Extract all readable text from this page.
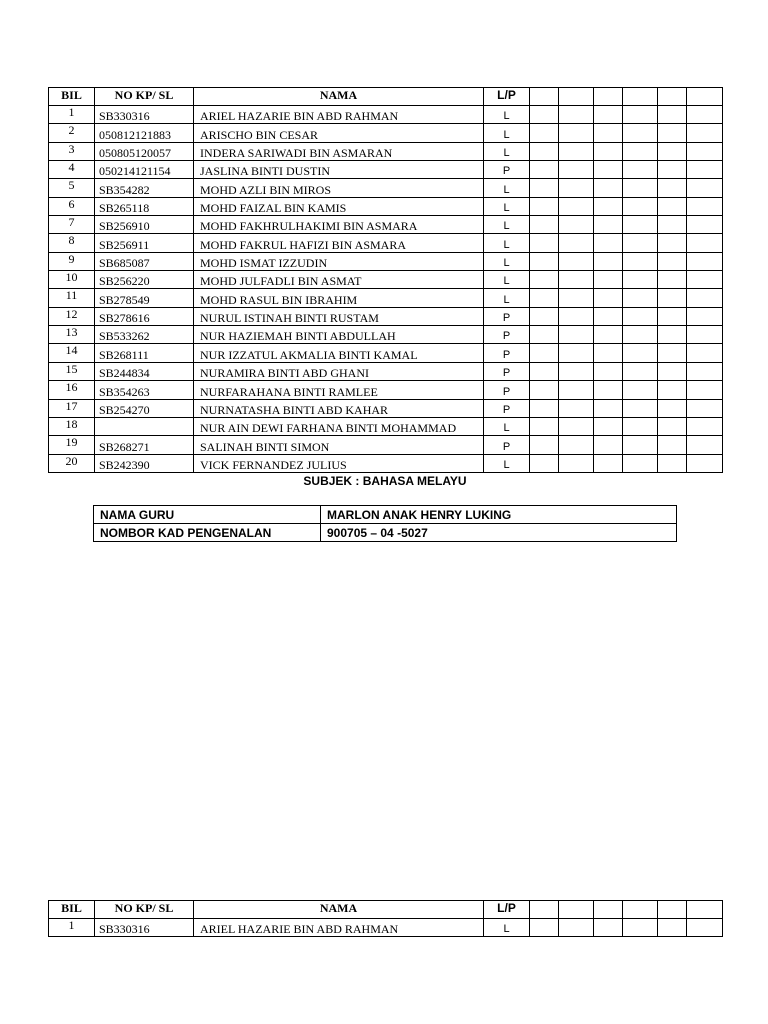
BIL	NO KP/ SL	NAMA	L/P						
1	SB330316	ARIEL HAZARIE BIN ABD RAHMAN	L						
2	050812121883	ARISCHO BIN CESAR	L						
3	050805120057	INDERA SARIWADI BIN ASMARAN	L						
4	050214121154	JASLINA BINTI DUSTIN	P						
5	SB354282	MOHD AZLI BIN MIROS	L						
6	SB265118	MOHD FAIZAL BIN KAMIS	L						
7	SB256910	MOHD FAKHRULHAKIMI BIN ASMARA	L						
8	SB256911	MOHD FAKRUL HAFIZI BIN ASMARA	L						
9	SB685087	MOHD ISMAT IZZUDIN	L						
10	SB256220	MOHD JULFADLI BIN ASMAT	L						
11	SB278549	MOHD RASUL BIN IBRAHIM	L						
12	SB278616	NURUL ISTINAH BINTI RUSTAM	P						
13	SB533262	NUR HAZIEMAH BINTI ABDULLAH	P						
14	SB268111	NUR IZZATUL AKMALIA BINTI KAMAL	P						
15	SB244834	NURAMIRA BINTI ABD GHANI	P						
16	SB354263	NURFARAHANA BINTI RAMLEE	P						
17	SB254270	NURNATASHA BINTI ABD KAHAR	P						
18		NUR AIN DEWI FARHANA BINTI MOHAMMAD	L						
19	SB268271	SALINAH BINTI SIMON	P						
20	SB242390	VICK FERNANDEZ JULIUS	L						
SUBJEK : BAHASA MELAYU
NAMA GURU	MARLON ANAK HENRY LUKING
NOMBOR KAD PENGENALAN	900705 – 04 -5027
BIL	NO KP/ SL	NAMA	L/P						
1	SB330316	ARIEL HAZARIE BIN ABD RAHMAN	L						
